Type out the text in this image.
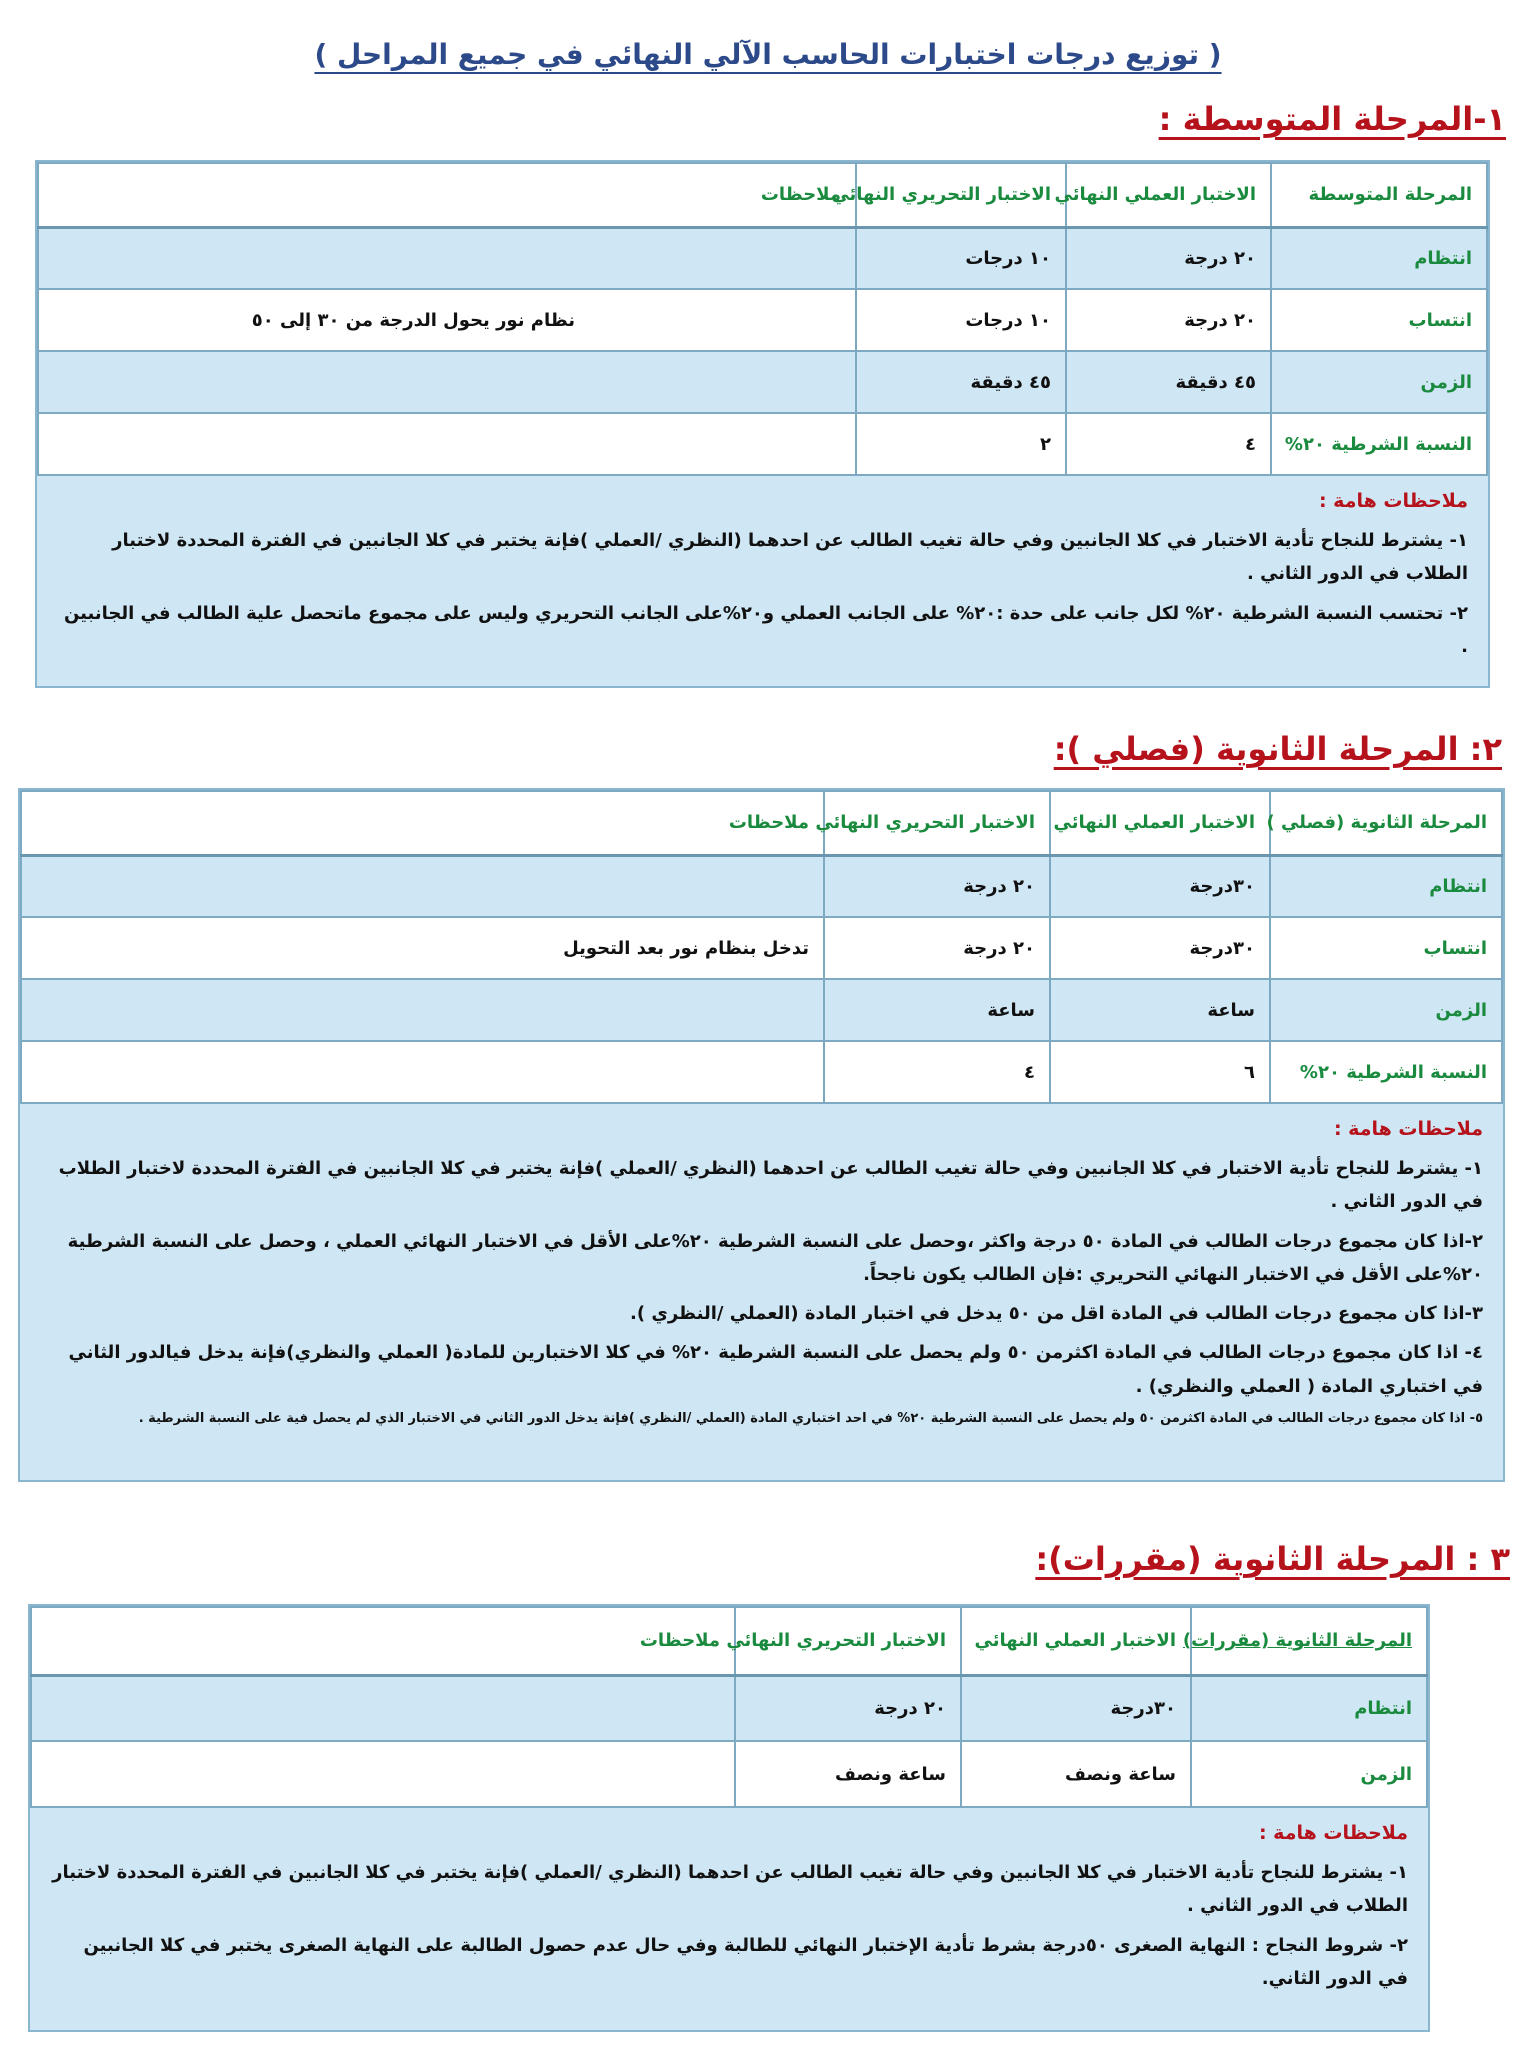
( توزيع درجات اختبارات الحاسب الآلي النهائي في جميع المراحل )
١-المرحلة المتوسطة :
المرحلة المتوسطة	الاختبار العملي النهائي	الاختبار التحريري النهائي	ملاحظات
انتظام	٢٠ درجة	١٠ درجات	
انتساب	٢٠ درجة	١٠ درجات	نظام نور يحول الدرجة من ٣٠ إلى ٥٠
الزمن	٤٥ دقيقة	٤٥ دقيقة	
النسبة الشرطية ٢٠%	٤	٢	
ملاحظات هامة :
١- يشترط للنجاح تأدية الاختبار في كلا الجانبين وفي حالة تغيب الطالب عن احدهما (النظري /العملي )فإنة يختبر في كلا الجانبين في الفترة المحددة لاختبار الطلاب في الدور الثاني .
٢- تحتسب النسبة الشرطية ٢٠% لكل جانب على حدة :٢٠% على الجانب العملي و٢٠%على الجانب التحريري وليس على مجموع ماتحصل علية الطالب في الجانبين .
٢: المرحلة الثانوية (فصلي ):
المرحلة الثانوية (فصلي )	الاختبار العملي النهائي	الاختبار التحريري النهائي	ملاحظات
انتظام	٣٠درجة	٢٠ درجة	
انتساب	٣٠درجة	٢٠ درجة	تدخل بنظام نور بعد التحويل
الزمن	ساعة	ساعة	
النسبة الشرطية ٢٠%	٦	٤	
ملاحظات هامة :
١- يشترط للنجاح تأدية الاختبار في كلا الجانبين وفي حالة تغيب الطالب عن احدهما (النظري /العملي )فإنة يختبر في كلا الجانبين في الفترة المحددة لاختبار الطلاب في الدور الثاني .
٢-اذا كان مجموع درجات الطالب في المادة ٥٠ درجة واكثر ،وحصل على النسبة الشرطية ٢٠%على الأقل في الاختبار النهائي العملي ، وحصل على النسبة الشرطية ٢٠%على الأقل في الاختبار النهائي التحريري :فإن الطالب يكون ناجحاً.
٣-اذا كان مجموع درجات الطالب في المادة اقل من ٥٠ يدخل في اختبار المادة (العملي /النظري ).
٤- اذا كان مجموع درجات الطالب في المادة اكثرمن ٥٠ ولم يحصل على النسبة الشرطية ٢٠% في كلا الاختبارين للمادة( العملي والنظري)فإنة يدخل فيالدور الثاني في اختباري المادة ( العملي والنظري) .
٥- اذا كان مجموع درجات الطالب في المادة اكثرمن ٥٠ ولم يحصل على النسبة الشرطية ٢٠% في احد اختباري المادة (العملي /النظري )فإنة يدخل الدور الثاني في الاختبار الذي لم يحصل فية على النسبة الشرطية .
٣ : المرحلة الثانوية (مقررات):
المرحلة الثانوية (مقررات)	الاختبار العملي النهائي	الاختبار التحريري النهائي	ملاحظات
انتظام	٣٠درجة	٢٠ درجة	
الزمن	ساعة ونصف	ساعة ونصف	
ملاحظات هامة :
١- يشترط للنجاح تأدية الاختبار في كلا الجانبين وفي حالة تغيب الطالب عن احدهما (النظري /العملي )فإنة يختبر في كلا الجانبين في الفترة المحددة لاختبار الطلاب في الدور الثاني .
٢- شروط النجاح : النهاية الصغرى ٥٠درجة بشرط تأدية الإختبار النهائي للطالبة وفي حال عدم حصول الطالبة على النهاية الصغرى يختبر في كلا الجانبين في الدور الثاني.
